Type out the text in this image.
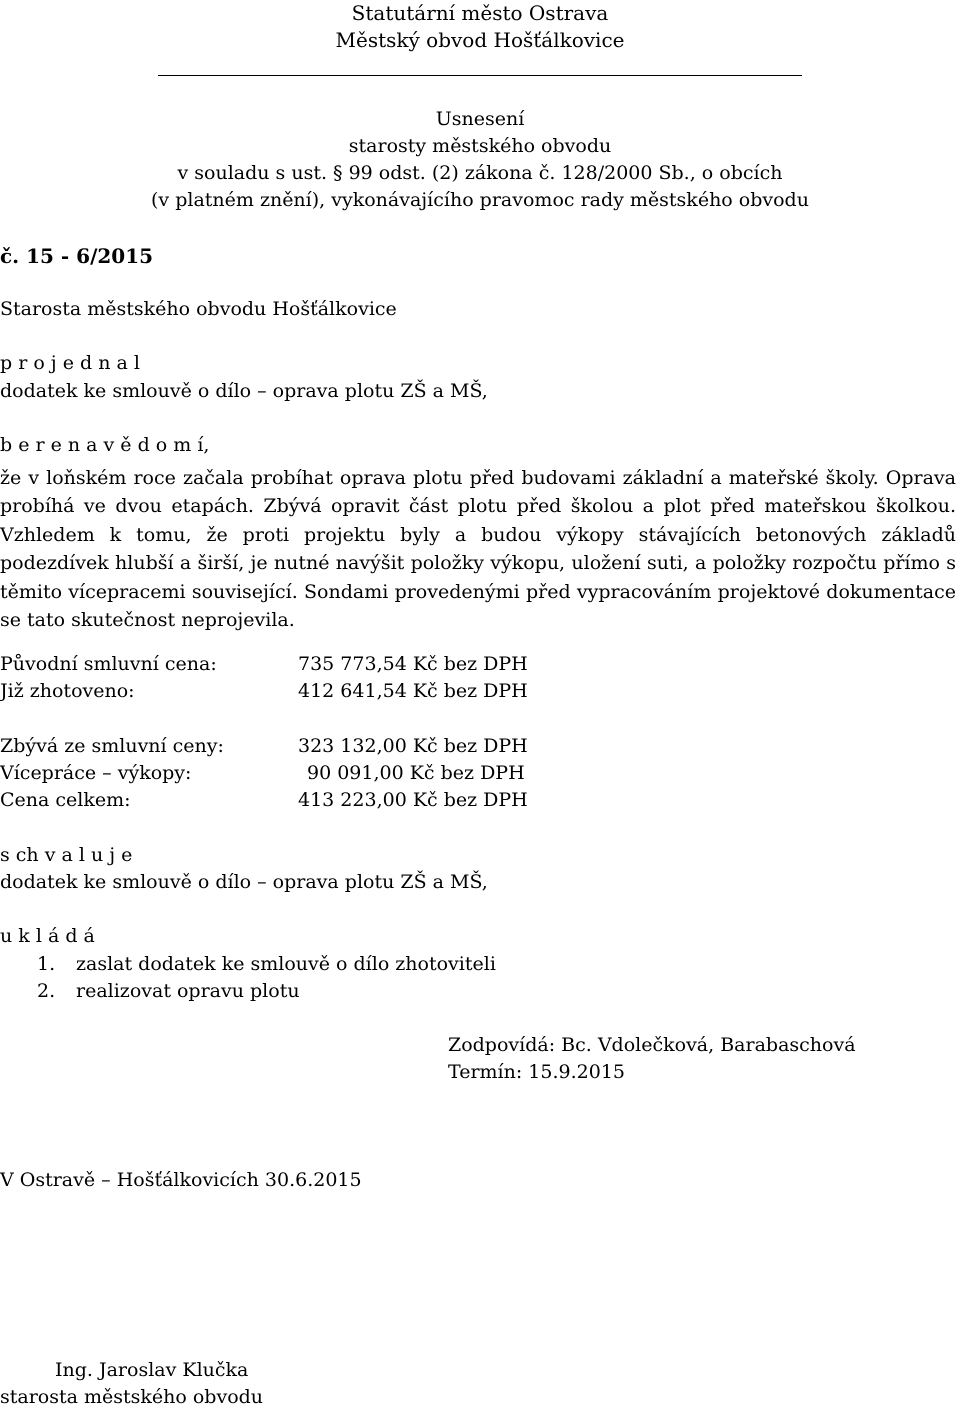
Statutární město Ostrava
Městský obvod Hošťálkovice
Usnesení
starosty městského obvodu
v souladu s ust. § 99 odst. (2) zákona č. 128/2000 Sb., o obcích
(v platném znění), vykonávajícího pravomoc rady městského obvodu
č. 15 - 6/2015
Starosta městského obvodu Hošťálkovice
p r o j e d n a l
dodatek ke smlouvě o dílo – oprava plotu ZŠ a MŠ,
b e r e n a v ě d o m í,
že v loňském roce začala probíhat oprava plotu před budovami základní a mateřské školy. Oprava probíhá ve dvou etapách. Zbývá opravit část plotu před školou a plot před mateřskou školkou. Vzhledem k tomu, že proti projektu byly a budou výkopy stávajících betonových základů podezdívek hlubší a širší, je nutné navýšit položky výkopu, uložení suti, a položky rozpočtu přímo s těmito vícepracemi související. Sondami provedenými před vypracováním projektové dokumentace se tato skutečnost neprojevila.
Původní smluvní cena:	735 773,54 Kč bez DPH
Již zhotoveno:	412 641,54 Kč bez DPH
Zbývá ze smluvní ceny:	323 132,00 Kč bez DPH
Vícepráce – výkopy:	90 091,00 Kč bez DPH
Cena celkem:	413 223,00 Kč bez DPH
s ch v a l u j e
dodatek ke smlouvě o dílo – oprava plotu ZŠ a MŠ,
u k l á d á
1. zaslat dodatek ke smlouvě o dílo zhotoviteli
2. realizovat opravu plotu
Zodpovídá: Bc. Vdolečková, Barabaschová
Termín: 15.9.2015
V Ostravě – Hošťálkovicích 30.6.2015
Ing. Jaroslav Klučka
starosta městského obvodu
